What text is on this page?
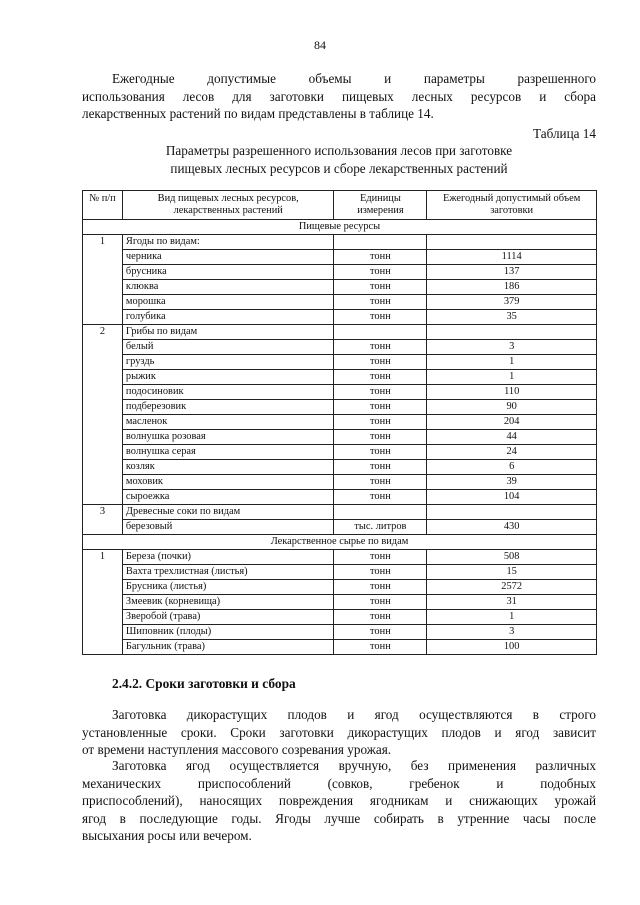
84
Ежегодные допустимые объемы и параметры разрешенного
использования лесов для заготовки пищевых лесных ресурсов и сбора
лекарственных растений по видам представлены в таблице 14.
Таблица 14
Параметры разрешенного использования лесов при заготовке
пищевых лесных ресурсов и сборе лекарственных растений
№ п/п	Вид пищевых лесных ресурсов, лекарственных растений	Единицы измерения	Ежегодный допустимый объем заготовки
Пищевые ресурсы			
1	Ягоды по видам:		
	черника	тонн	1114
	брусника	тонн	137
	клюква	тонн	186
	морошка	тонн	379
	голубика	тонн	35
2	Грибы по видам		
	белый	тонн	3
	груздь	тонн	1
	рыжик	тонн	1
	подосиновик	тонн	110
	подберезовик	тонн	90
	масленок	тонн	204
	волнушка розовая	тонн	44
	волнушка серая	тонн	24
	козляк	тонн	6
	моховик	тонн	39
	сыроежка	тонн	104
3	Древесные соки по видам		
	березовый	тыс. литров	430
Лекарственное сырье по видам			
1	Береза (почки)	тонн	508
	Вахта трехлистная (листья)	тонн	15
	Брусника (листья)	тонн	2572
	Змеевик (корневища)	тонн	31
	Зверобой (трава)	тонн	1
	Шиповник (плоды)	тонн	3
	Багульник (трава)	тонн	100
2.4.2. Сроки заготовки и сбора
Заготовка дикорастущих плодов и ягод осуществляются в строго
установленные сроки. Сроки заготовки дикорастущих плодов и ягод зависит
от времени наступления массового созревания урожая.
Заготовка ягод осуществляется вручную, без применения различных
механических приспособлений (совков, гребенок и подобных
приспособлений), наносящих повреждения ягодникам и снижающих урожай
ягод в последующие годы. Ягоды лучше собирать в утренние часы после
высыхания росы или вечером.
